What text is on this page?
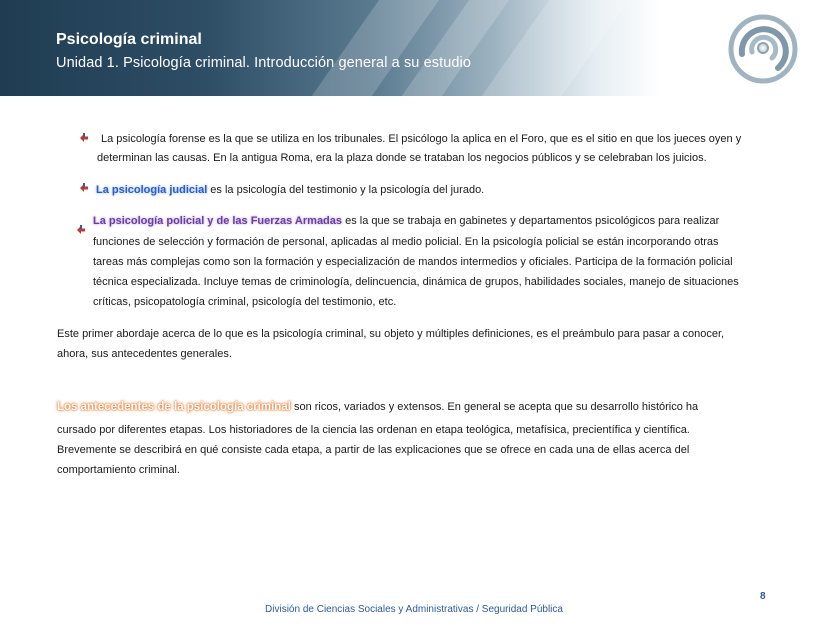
Psicología criminal
Unidad 1. Psicología criminal. Introducción general a su estudio
La psicología forense es la que se utiliza en los tribunales. El psicólogo la aplica en el Foro, que es el sitio en que los jueces oyen y
determinan las causas. En la antigua Roma, era la plaza donde se trataban los negocios públicos y se celebraban los juicios.
La psicología judicial es la psicología del testimonio y la psicología del jurado.
La psicología policial y de las Fuerzas Armadas es la que se trabaja en gabinetes y departamentos psicológicos para realizar
funciones de selección y formación de personal, aplicadas al medio policial. En la psicología policial se están incorporando otras
tareas más complejas como son la formación y especialización de mandos intermedios y oficiales. Participa de la formación policial
técnica especializada. Incluye temas de criminología, delincuencia, dinámica de grupos, habilidades sociales, manejo de situaciones
críticas, psicopatología criminal, psicología del testimonio, etc.
Este primer abordaje acerca de lo que es la psicología criminal, su objeto y múltiples definiciones, es el preámbulo para pasar a conocer,
ahora, sus antecedentes generales.
Los antecedentes de la psicología criminal son ricos, variados y extensos. En general se acepta que su desarrollo histórico ha
cursado por diferentes etapas. Los historiadores de la ciencia las ordenan en etapa teológica, metafísica, precientífica y científica.
Brevemente se describirá en qué consiste cada etapa, a partir de las explicaciones que se ofrece en cada una de ellas acerca del
comportamiento criminal.
8
División de Ciencias Sociales y Administrativas / Seguridad Pública
